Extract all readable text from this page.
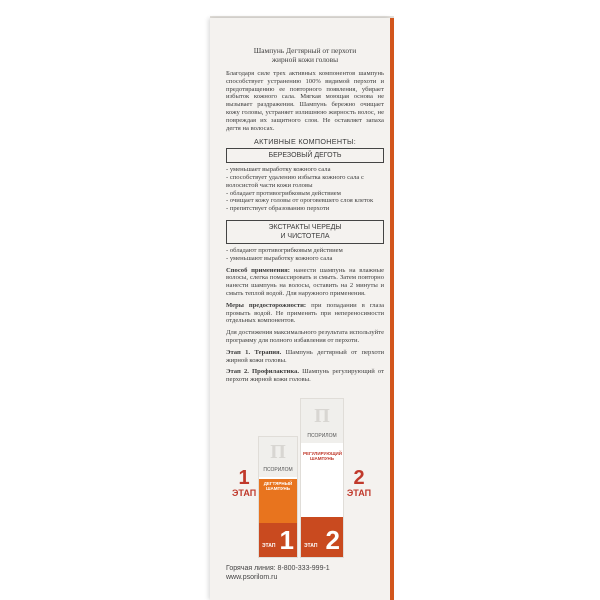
Шампунь Дегтярный от перхоти
жирной кожи головы
Благодаря силе трех активных компонентов шампунь способствует устранению 100% видимой перхоти и предотвращению ее повторного появления, убирает избыток кожного сала. Мягкая моющая основа не вызывает раздражения. Шампунь бережно очищает кожу головы, устраняет излишнюю жирность волос, не повреждая их защитного слоя. Не оставляет запаха дегтя на волосах.
АКТИВНЫЕ КОМПОНЕНТЫ:
БЕРЕЗОВЫЙ ДЕГОТЬ
- уменьшает выработку кожного сала
- способствует удалению избытка кожного сала с волосистой части кожи головы
- обладает противогрибковым действием
- очищает кожу головы от ороговевшего слоя клеток
- препятствует образованию перхоти
ЭКСТРАКТЫ ЧЕРЕДЫ
И ЧИСТОТЕЛА
- обладают противогрибковым действием
- уменьшают выработку кожного сала
Способ применения: нанести шампунь на влажные волосы, слегка помассировать и смыть. Затем повторно нанести шампунь на волосы, оставить на 2 минуты и смыть теплой водой. Для наружного применения.
Меры предосторожности: при попадании в глаза промыть водой. Не применять при непереносимости отдельных компонентов.
Для достижения максимального результата используйте программу для полного избавления от перхоти.
Этап 1. Терапия. Шампунь дегтярный от перхоти жирной кожи головы.
Этап 2. Профилактика. Шампунь регулирующий от перхоти жирной кожи головы.
1
ЭТАП
П
ПСОРИЛОМ
ДЕГТЯРНЫЙ ШАМПУНЬ
ЭТАП 1
П
ПСОРИЛОМ
РЕГУЛИРУЮЩИЙ ШАМПУНЬ
ЭТАП 2
2
ЭТАП
Горячая линия: 8-800-333-999-1
www.psorilom.ru
